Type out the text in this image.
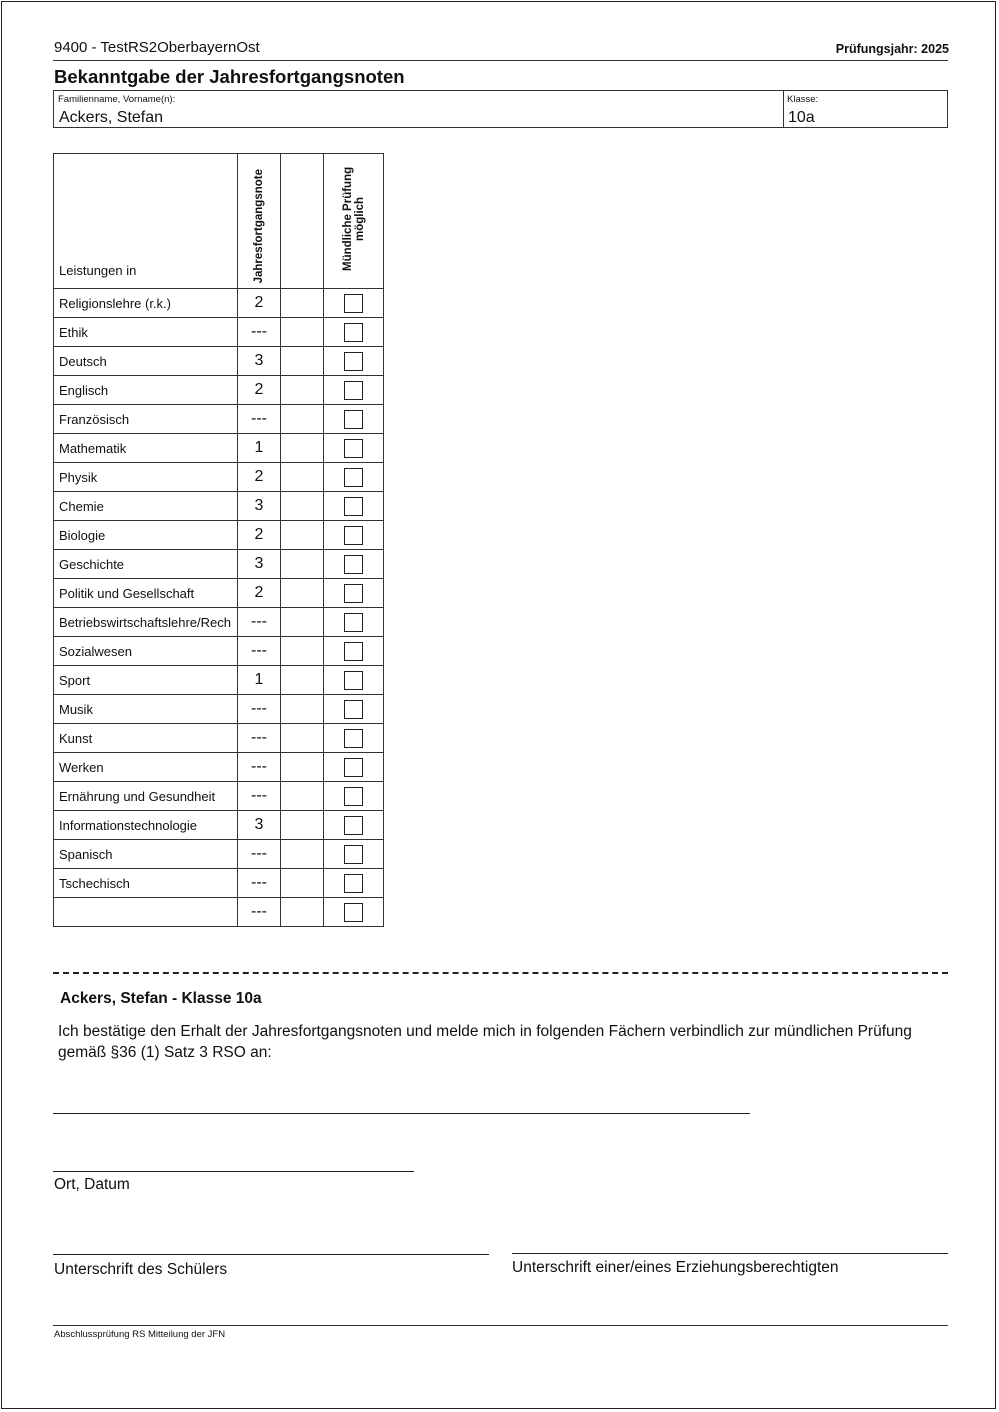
9400 - TestRS2OberbayernOst	Prüfungsjahr: 2025
Bekanntgabe der Jahresfortgangsnoten
Familienname, Vorname(n):
Ackers, Stefan
Klasse:
10a
Leistungen in	Jahresfortgangsnote		Mündliche Prüfung möglich

Religionslehre (r.k.)	2		
Ethik	---		
Deutsch	3		
Englisch	2		
Französisch	---		
Mathematik	1		
Physik	2		
Chemie	3		
Biologie	2		
Geschichte	3		
Politik und Gesellschaft	2		
Betriebswirtschaftslehre/Rech	---		
Sozialwesen	---		
Sport	1		
Musik	---		
Kunst	---		
Werken	---		
Ernährung und Gesundheit	---		
Informationstechnologie	3		
Spanisch	---		
Tschechisch	---		
	---		
Ackers, Stefan - Klasse 10a
Ich bestätige den Erhalt der Jahresfortgangsnoten und melde mich in folgenden Fächern verbindlich zur mündlichen Prüfung gemäß §36 (1) Satz 3 RSO an:
Ort, Datum
Unterschrift des Schülers	Unterschrift einer/eines Erziehungsberechtigten
Abschlussprüfung RS Mitteilung der JFN
